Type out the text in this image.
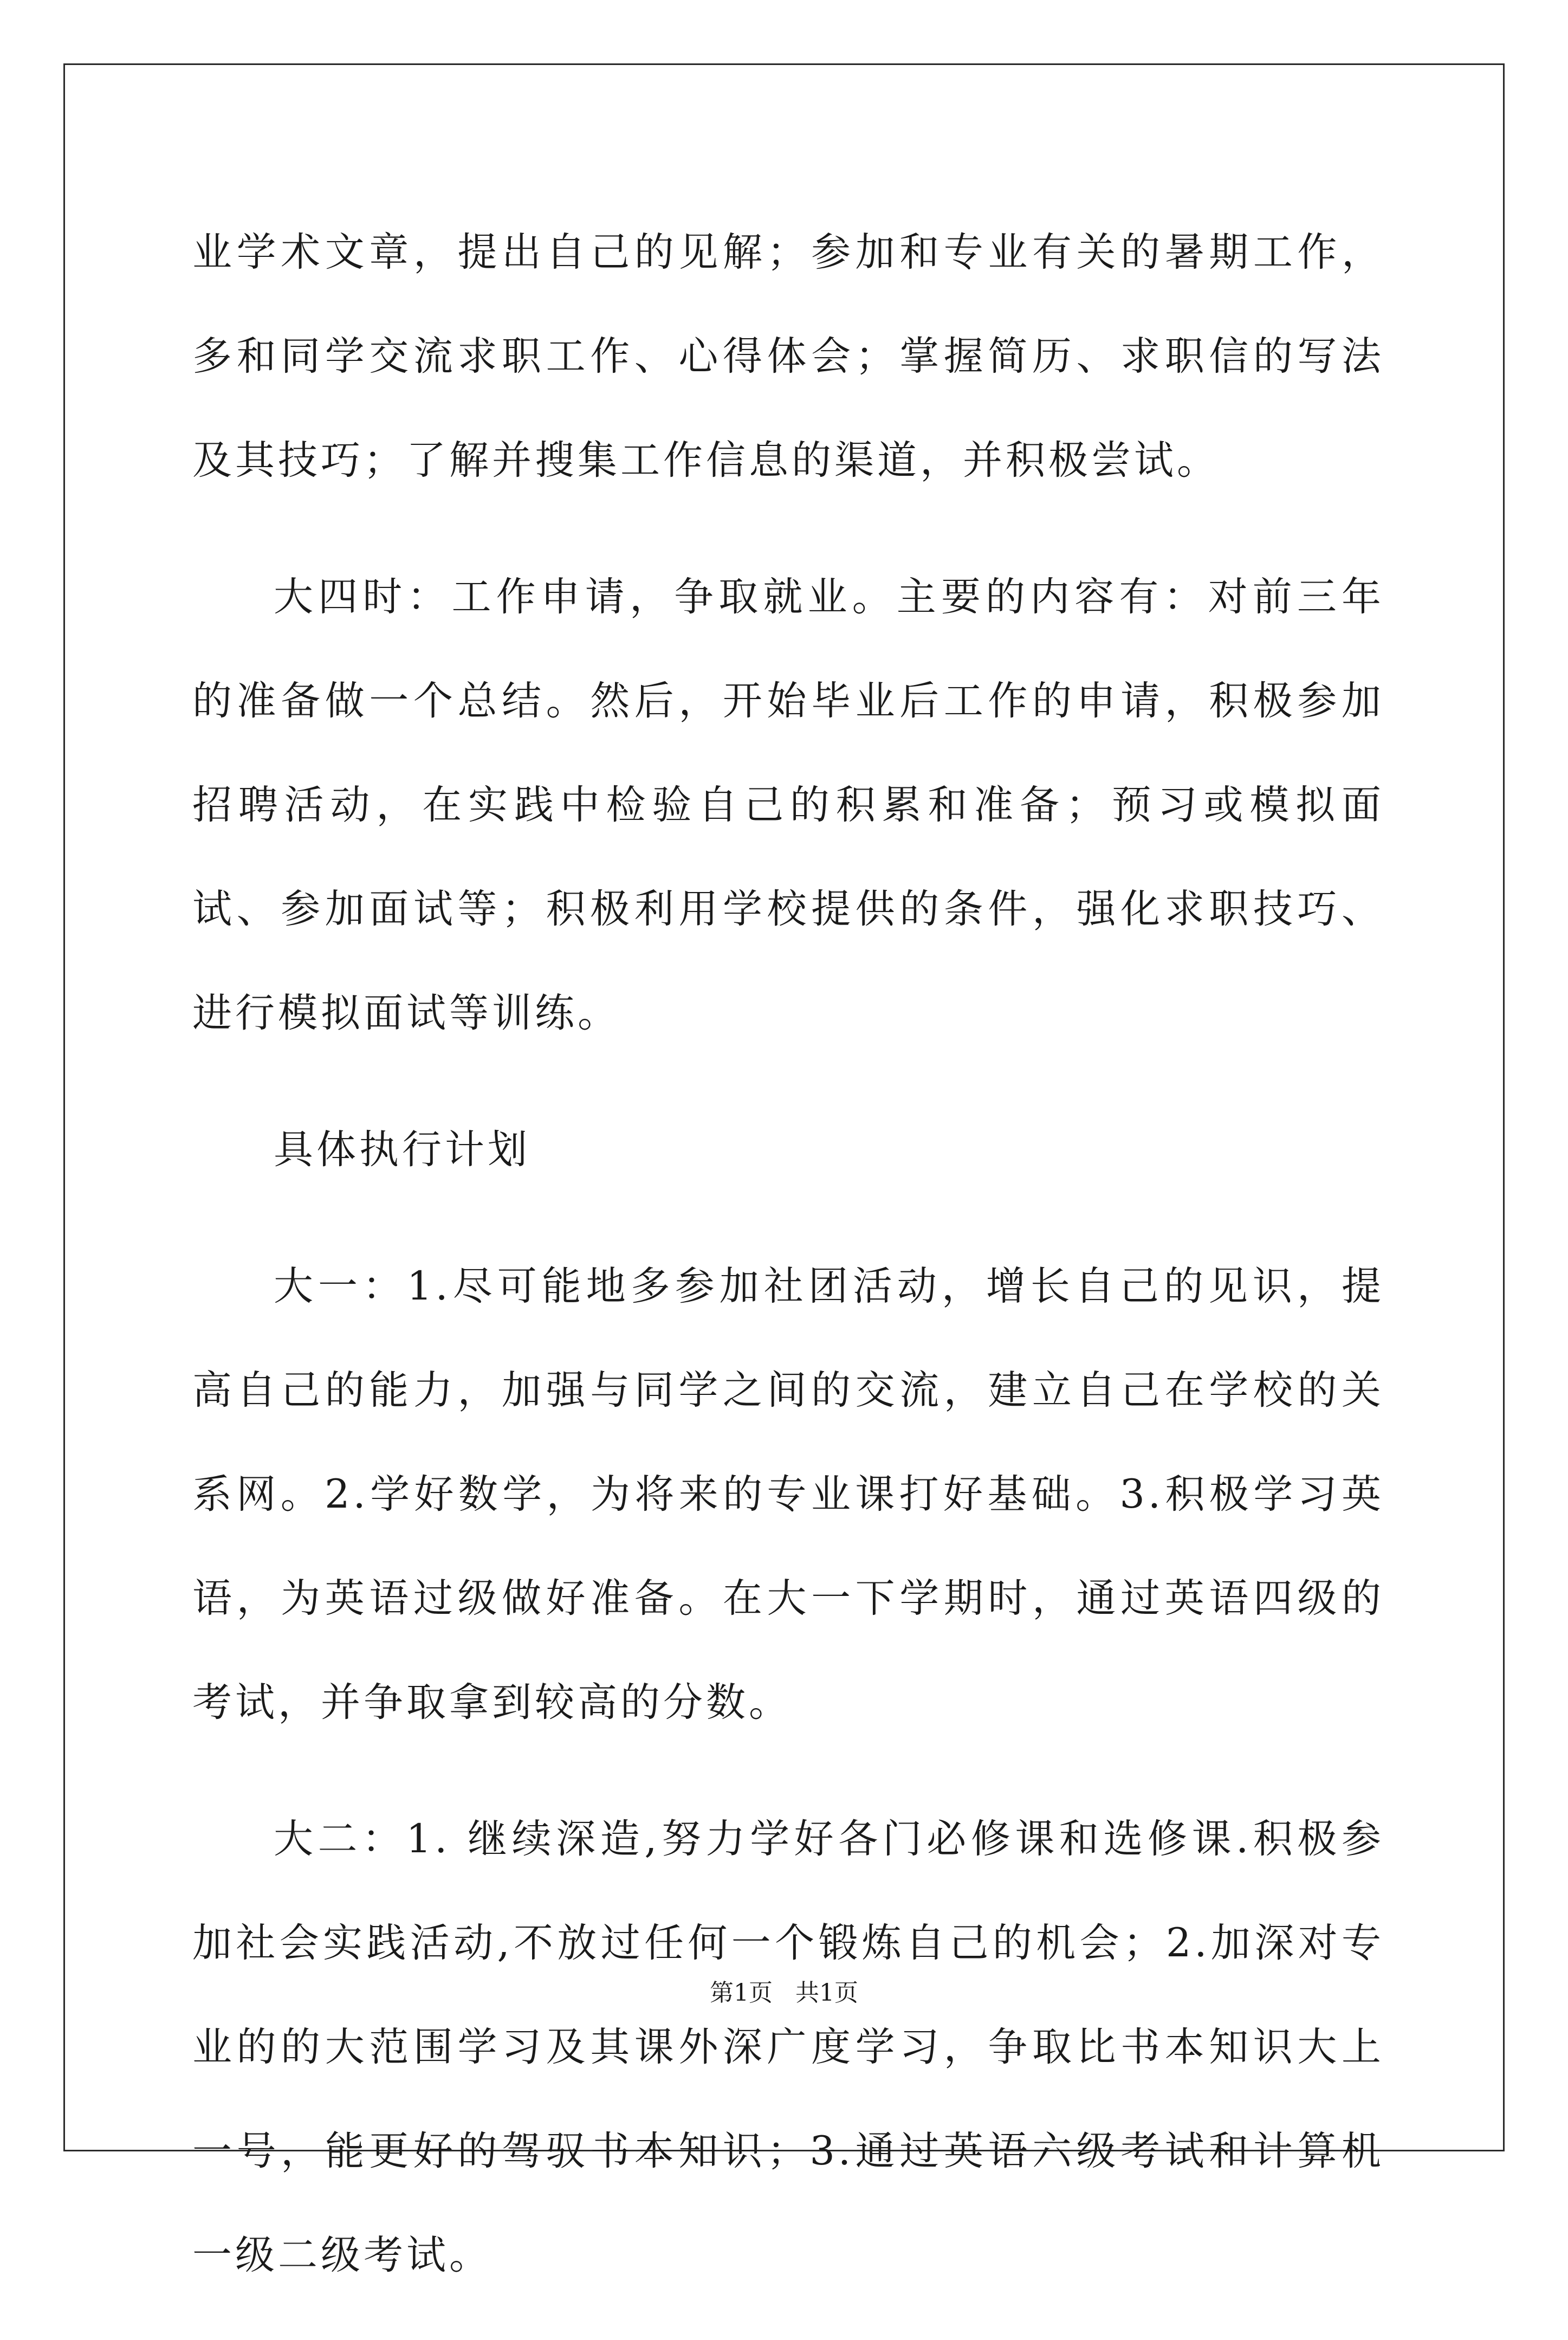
业学术文章，提出自己的见解；参加和专业有关的暑期工作，多和同学交流求职工作、心得体会；掌握简历、求职信的写法及其技巧；了解并搜集工作信息的渠道，并积极尝试。

大四时：工作申请，争取就业。主要的内容有：对前三年的准备做一个总结。然后，开始毕业后工作的申请，积极参加招聘活动，在实践中检验自己的积累和准备；预习或模拟面试、参加面试等；积极利用学校提供的条件，强化求职技巧、进行模拟面试等训练。

具体执行计划

大一：1.尽可能地多参加社团活动，增长自己的见识，提高自己的能力，加强与同学之间的交流，建立自己在学校的关系网。2.学好数学，为将来的专业课打好基础。3.积极学习英语，为英语过级做好准备。在大一下学期时，通过英语四级的考试，并争取拿到较高的分数。

大二：1. 继续深造,努力学好各门必修课和选修课.积极参加社会实践活动,不放过任何一个锻炼自己的机会；2.加深对专业的的大范围学习及其课外深广度学习，争取比书本知识大上一号，能更好的驾驭书本知识；3.通过英语六级考试和计算机一级二级考试。

第1页   共1页
